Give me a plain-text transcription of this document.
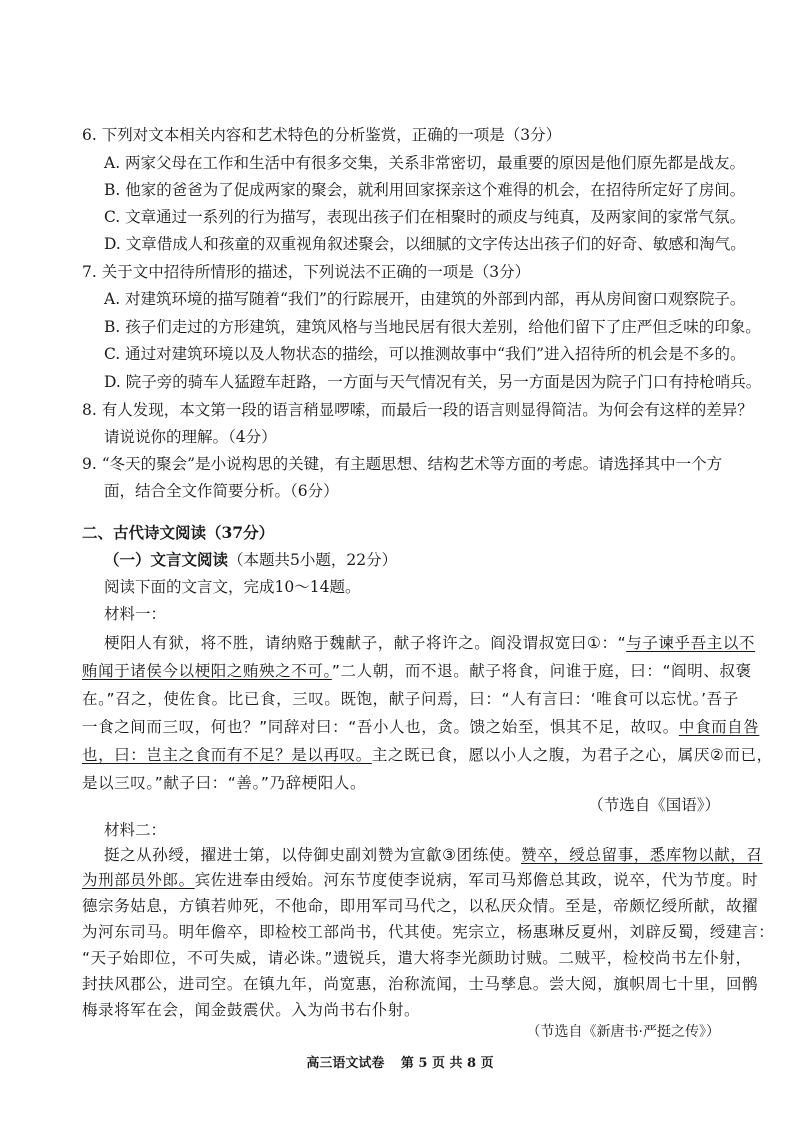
6. 下列对文本相关内容和艺术特色的分析鉴赏，正确的一项是（3分）
A. 两家父母在工作和生活中有很多交集，关系非常密切，最重要的原因是他们原先都是战友。
B. 他家的爸爸为了促成两家的聚会，就利用回家探亲这个难得的机会，在招待所定好了房间。
C. 文章通过一系列的行为描写，表现出孩子们在相聚时的顽皮与纯真，及两家间的家常气氛。
D. 文章借成人和孩童的双重视角叙述聚会，以细腻的文字传达出孩子们的好奇、敏感和淘气。
7. 关于文中招待所情形的描述，下列说法不正确的一项是（3分）
A. 对建筑环境的描写随着“我们”的行踪展开，由建筑的外部到内部，再从房间窗口观察院子。
B. 孩子们走过的方形建筑，建筑风格与当地民居有很大差别，给他们留下了庄严但乏味的印象。
C. 通过对建筑环境以及人物状态的描绘，可以推测故事中“我们”进入招待所的机会是不多的。
D. 院子旁的骑车人猛蹬车赶路，一方面与天气情况有关，另一方面是因为院子门口有持枪哨兵。
8. 有人发现，本文第一段的语言稍显啰嗦，而最后一段的语言则显得简洁。为何会有这样的差异？
请说说你的理解。（4分）
9. “冬天的聚会”是小说构思的关键，有主题思想、结构艺术等方面的考虑。请选择其中一个方
面，结合全文作简要分析。（6分）
二、古代诗文阅读（37分）
（一）文言文阅读（本题共5小题，22分）
阅读下面的文言文，完成10～14题。
材料一：
梗阳人有狱，将不胜，请纳赂于魏献子，献子将许之。阎没谓叔宽曰①：“与子谏乎吾主以不
贿闻于诸侯今以梗阳之贿殃之不可。”二人朝，而不退。献子将食，问谁于庭，曰：“阎明、叔褒
在。”召之，使佐食。比已食，三叹。既饱，献子问焉，曰：“人有言曰：‘唯食可以忘忧。’吾子
一食之间而三叹，何也？”同辞对曰：“吾小人也，贪。馈之始至，惧其不足，故叹。中食而自咎
也，曰：岂主之食而有不足？是以再叹。主之既已食，愿以小人之腹，为君子之心，属厌②而已，
是以三叹。”献子曰：“善。”乃辞梗阳人。
（节选自《国语》）
材料二：
挺之从孙绶，擢进士第，以侍御史副刘赞为宣歙③团练使。赞卒，绶总留事，悉库物以献，召
为刑部员外郎。宾佐进奉由绶始。河东节度使李说病，军司马郑儋总其政，说卒，代为节度。时
德宗务姑息，方镇若帅死，不他命，即用军司马代之，以私厌众情。至是，帝颇忆绶所献，故擢
为河东司马。明年儋卒，即检校工部尚书，代其使。宪宗立，杨惠琳反夏州，刘辟反蜀，绶建言：
“天子始即位，不可失威，请必诛。”遗锐兵，遣大将李光颜助讨贼。二贼平，检校尚书左仆射，
封扶风郡公，进司空。在镇九年，尚宽惠，治称流闻，士马孳息。尝大阅，旗帜周七十里，回鹘
高三语文试卷 第 5 页 共 8 页
梅录将军在会，闻金鼓震伏。入为尚书右仆射。
（节选自《新唐书·严挺之传》）
